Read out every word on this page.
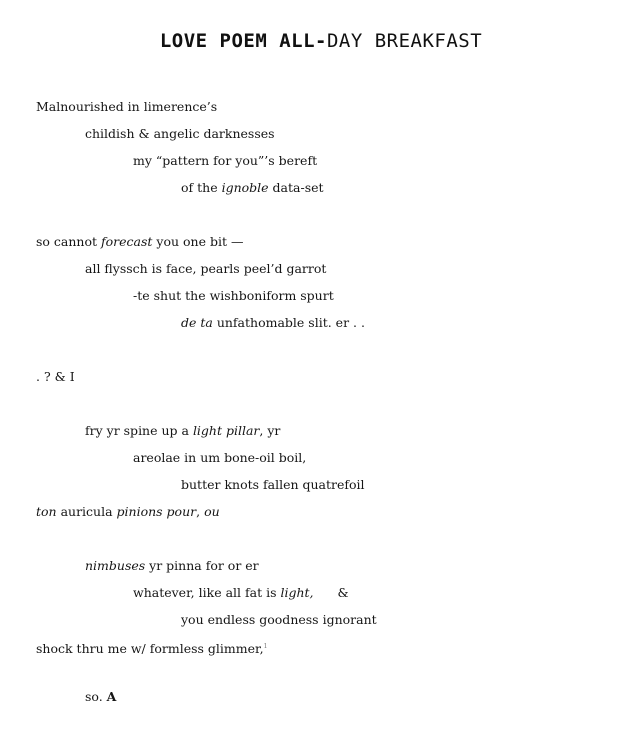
LOVE POEM ALL-DAY BREAKFAST
Malnourished in limerence’s
childish & angelic darknesses
my “pattern for you”’s bereft
of the ignoble data-set
so cannot forecast you one bit —
all flyssch is face, pearls peel’d garrot
-te shut the wishboniform spurt
de ta unfathomable slit. er . .
. ? & I
fry yr spine up a light pillar, yr
areolae in um bone-oil boil,
butter knots fallen quatrefoil
ton auricula pinions pour, ou
nimbuses yr pinna for or er
whatever, like all fat is light, &
you endless goodness ignorant
shock thru me w/ formless glimmer,$^1$
so. A
